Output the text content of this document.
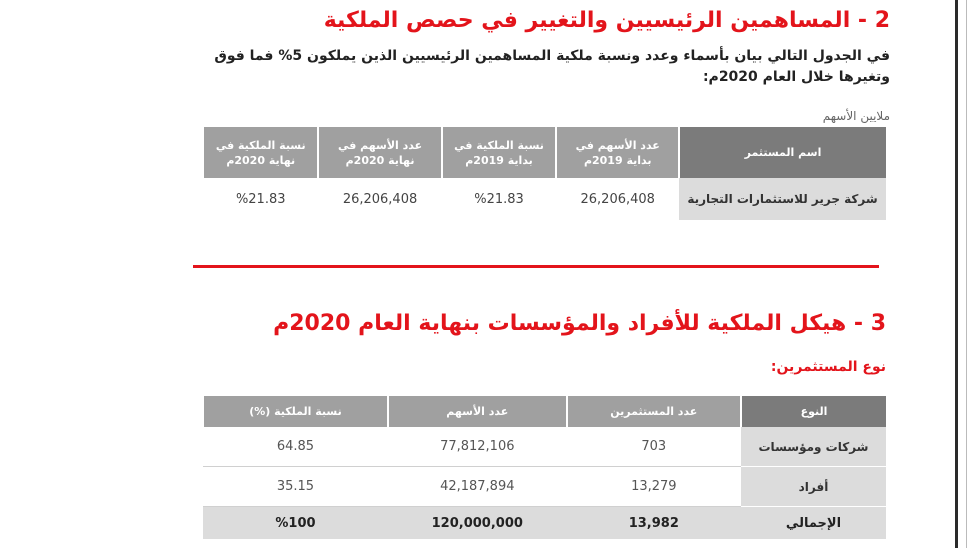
2 - المساهمين الرئيسيين والتغيير في حصص الملكية
في الجدول التالي بيان بأسماء وعدد ونسبة ملكية المساهمين الرئيسيين الذين يملكون 5% فما فوق وتغيرها خلال العام 2020م:
ملايين الأسهم
اسم المستثمر	عدد الأسهم في بداية 2019م	نسبة الملكية في بداية 2019م	عدد الأسهم في نهاية 2020م	نسبة الملكية في نهاية 2020م
شركة جرير للاستثمارات التجارية	26,206,408	%21.83	26,206,408	%21.83
3 - هيكل الملكية للأفراد والمؤسسات بنهاية العام 2020م
نوع المستثمرين:
النوع	عدد المستثمرين	عدد الأسهم	نسبة الملكية (%)
شركات ومؤسسات	703	77,812,106	64.85
أفراد	13,279	42,187,894	35.15
الإجمالي	13,982	120,000,000	%100
